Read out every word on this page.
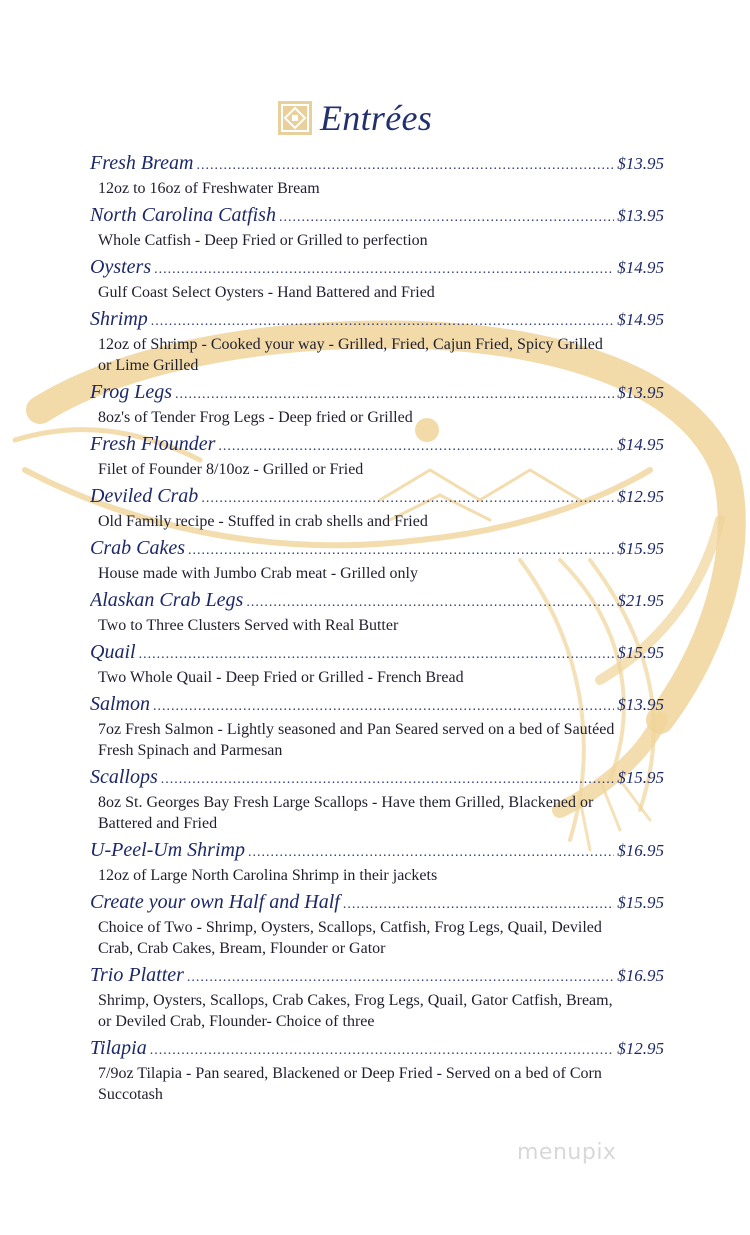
Entrées
Fresh Bream .....	$13.95
12oz to 16oz of Freshwater Bream
North Carolina Catfish .....	$13.95
Whole Catfish - Deep Fried or Grilled to perfection
Oysters .....	$14.95
Gulf Coast Select Oysters - Hand Battered and Fried
Shrimp .....	$14.95
12oz of Shrimp - Cooked your way - Grilled, Fried, Cajun Fried, Spicy Grilled or Lime Grilled
Frog Legs .....	$13.95
8oz's of Tender Frog Legs - Deep fried or Grilled
Fresh Flounder .....	$14.95
Filet of Founder 8/10oz - Grilled or Fried
Deviled Crab .....	$12.95
Old Family recipe - Stuffed in crab shells and Fried
Crab Cakes .....	$15.95
House made with Jumbo Crab meat - Grilled only
Alaskan Crab Legs .....	$21.95
Two to Three Clusters Served with Real Butter
Quail .....	$15.95
Two Whole Quail - Deep Fried or Grilled - French Bread
Salmon .....	$13.95
7oz Fresh Salmon - Lightly seasoned and Pan Seared served on a bed of Sautéed Fresh Spinach and Parmesan
Scallops .....	$15.95
8oz St. Georges Bay Fresh Large Scallops - Have them Grilled, Blackened or Battered and Fried
U-Peel-Um Shrimp .....	$16.95
12oz of Large North Carolina Shrimp in their jackets
Create your own Half and Half .....	$15.95
Choice of Two - Shrimp, Oysters, Scallops, Catfish, Frog Legs, Quail, Deviled Crab, Crab Cakes, Bream, Flounder or Gator
Trio Platter .....	$16.95
Shrimp, Oysters, Scallops, Crab Cakes, Frog Legs, Quail, Gator Catfish, Bream, or Deviled Crab, Flounder- Choice of three
Tilapia .....	$12.95
7/9oz Tilapia - Pan seared, Blackened or Deep Fried - Served on a bed of Corn Succotash
menupix
